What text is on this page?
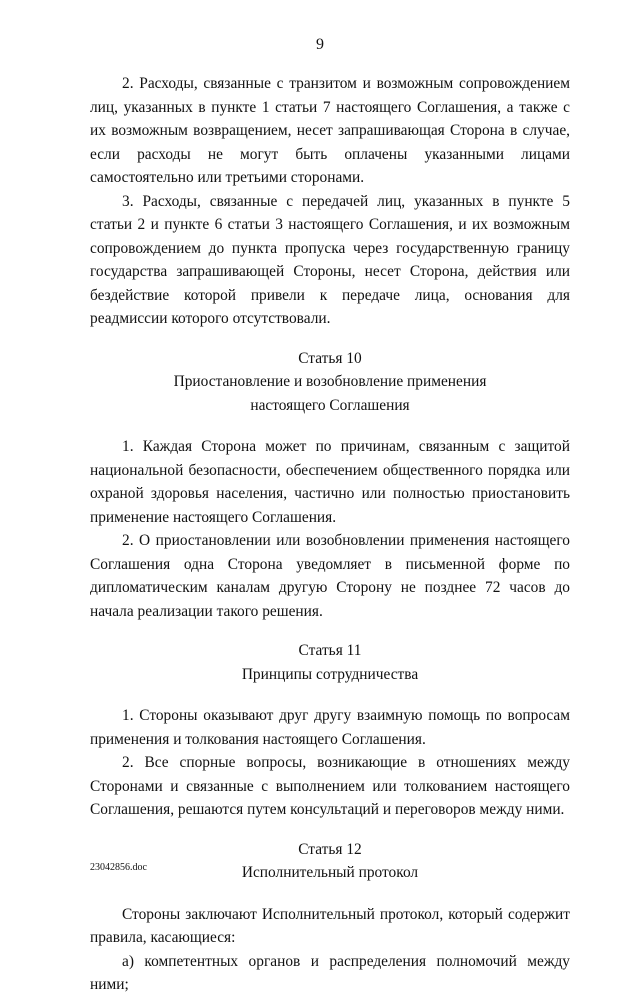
9

2. Расходы, связанные с транзитом и возможным сопровождением лиц, указанных в пункте 1 статьи 7 настоящего Соглашения, а также с их возможным возвращением, несет запрашивающая Сторона в случае, если расходы не могут быть оплачены указанными лицами самостоятельно или третьими сторонами.

3. Расходы, связанные с передачей лиц, указанных в пункте 5 статьи 2 и пункте 6 статьи 3 настоящего Соглашения, и их возможным сопровождением до пункта пропуска через государственную границу государства запрашивающей Стороны, несет Сторона, действия или бездействие которой привели к передаче лица, основания для реадмиссии которого отсутствовали.

Статья 10

Приостановление и возобновление применения

настоящего Соглашения

1. Каждая Сторона может по причинам, связанным с защитой национальной безопасности, обеспечением общественного порядка или охраной здоровья населения, частично или полностью приостановить применение настоящего Соглашения.

2. О приостановлении или возобновлении применения настоящего Соглашения одна Сторона уведомляет в письменной форме по дипломатическим каналам другую Сторону не позднее 72 часов до начала реализации такого решения.

Статья 11

Принципы сотрудничества

1. Стороны оказывают друг другу взаимную помощь по вопросам применения и толкования настоящего Соглашения.

2. Все спорные вопросы, возникающие в отношениях между Сторонами и связанные с выполнением или толкованием настоящего Соглашения, решаются путем консультаций и переговоров между ними.

Статья 12

Исполнительный протокол

Стороны заключают Исполнительный протокол, который содержит правила, касающиеся:

а) компетентных органов и распределения полномочий между ними;

23042856.doc
